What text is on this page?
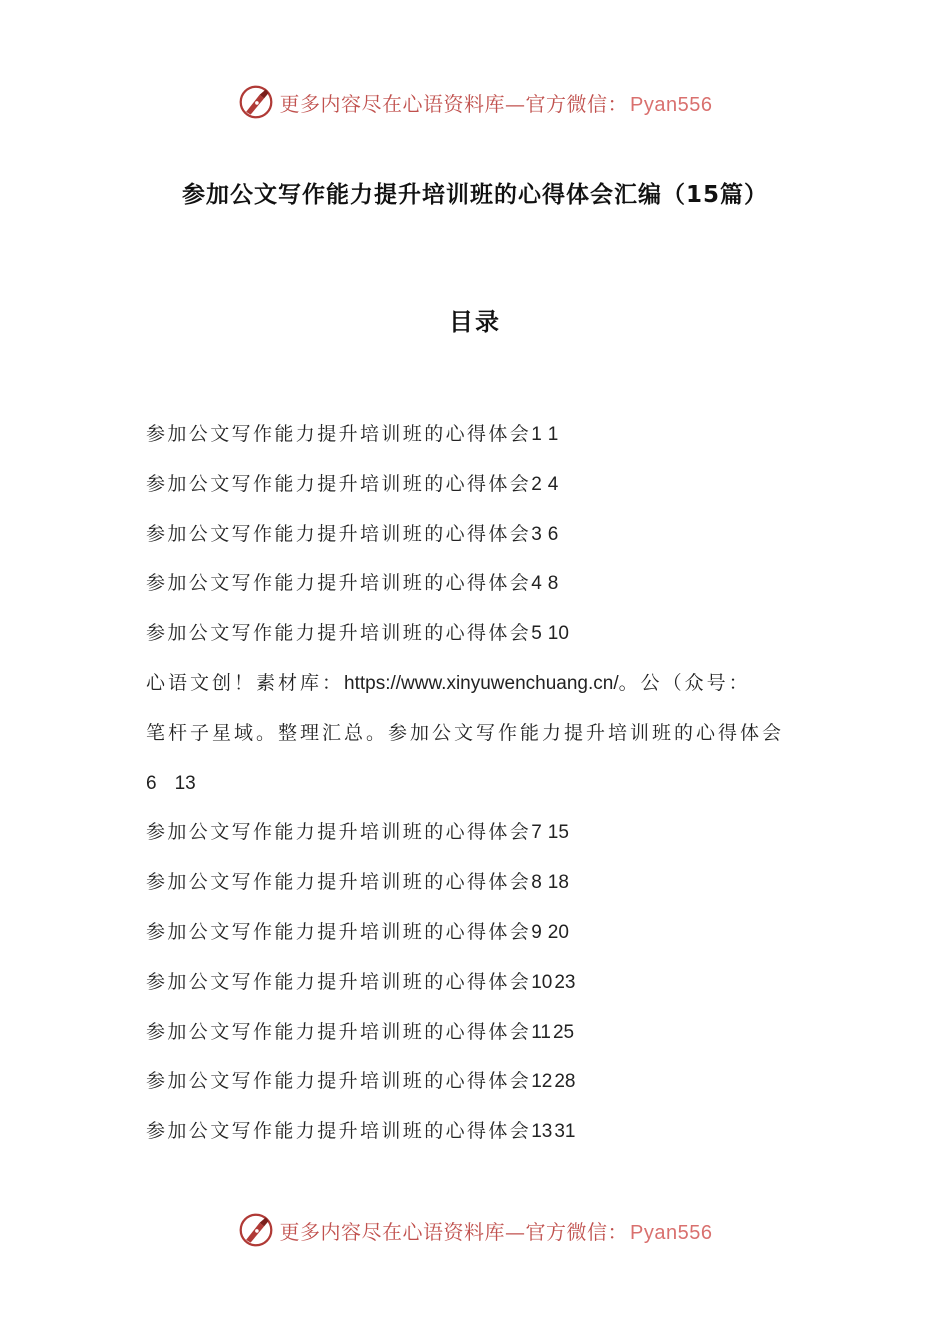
更多内容尽在心语资料库—官方微信： Pyan556
参加公文写作能力提升培训班的心得体会汇编（15篇）
目录
参加公文写作能力提升培训班的心得体会1 1
参加公文写作能力提升培训班的心得体会2 4
参加公文写作能力提升培训班的心得体会3 6
参加公文写作能力提升培训班的心得体会4 8
参加公文写作能力提升培训班的心得体会5 10
心语文创！素材库：https://www.xinyuwenchuang.cn/。公（众号：
笔杆子星域。整理汇总。参加公文写作能力提升培训班的心得体会
6 13
参加公文写作能力提升培训班的心得体会7 15
参加公文写作能力提升培训班的心得体会8 18
参加公文写作能力提升培训班的心得体会9 20
参加公文写作能力提升培训班的心得体会10 23
参加公文写作能力提升培训班的心得体会11 25
参加公文写作能力提升培训班的心得体会12 28
参加公文写作能力提升培训班的心得体会13 31
更多内容尽在心语资料库—官方微信： Pyan556
